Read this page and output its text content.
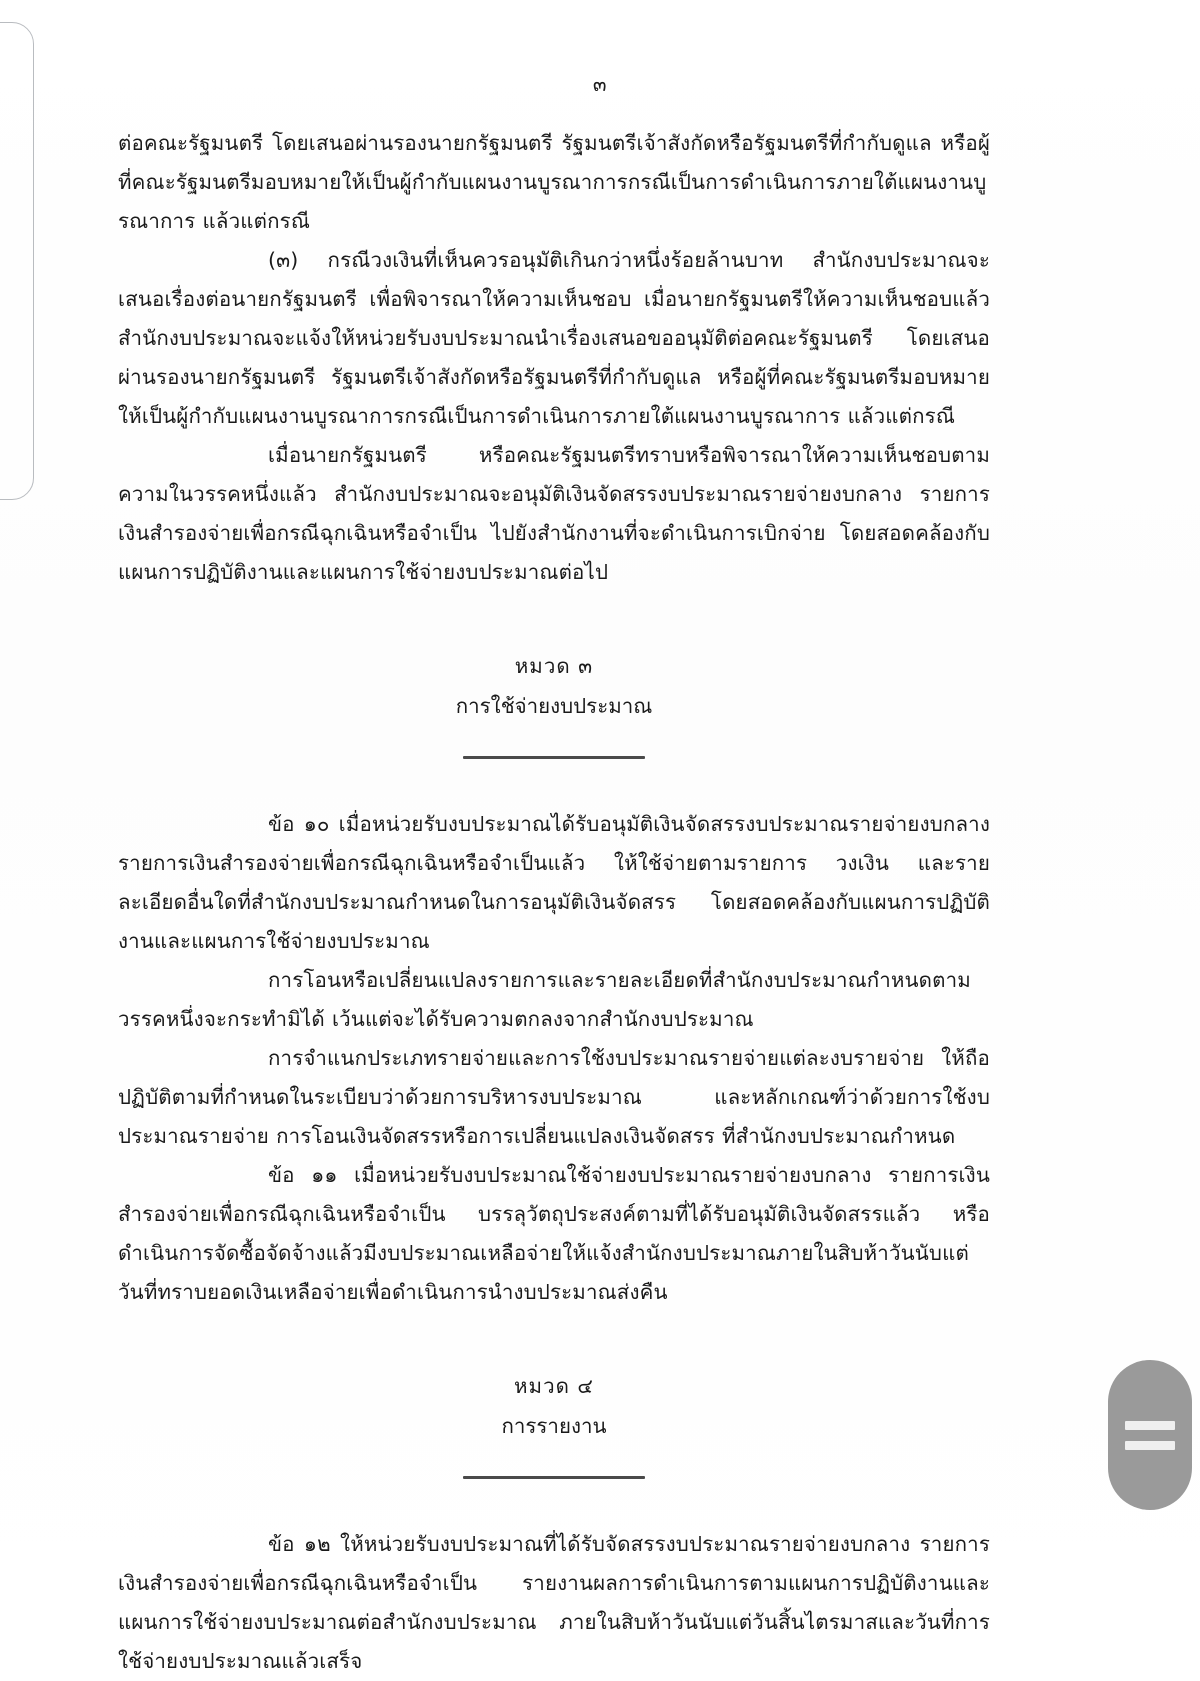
๓

ต่อคณะรัฐมนตรี โดยเสนอผ่านรองนายกรัฐมนตรี รัฐมนตรีเจ้าสังกัดหรือรัฐมนตรีที่กำกับดูแล หรือผู้ที่คณะรัฐมนตรีมอบหมายให้เป็นผู้กำกับแผนงานบูรณาการกรณีเป็นการดำเนินการภายใต้แผนงานบูรณาการ แล้วแต่กรณี

(๓) กรณีวงเงินที่เห็นควรอนุมัติเกินกว่าหนึ่งร้อยล้านบาท สำนักงบประมาณจะเสนอเรื่องต่อนายกรัฐมนตรี เพื่อพิจารณาให้ความเห็นชอบ เมื่อนายกรัฐมนตรีให้ความเห็นชอบแล้ว สำนักงบประมาณจะแจ้งให้หน่วยรับงบประมาณนำเรื่องเสนอขออนุมัติต่อคณะรัฐมนตรี โดยเสนอผ่านรองนายกรัฐมนตรี รัฐมนตรีเจ้าสังกัดหรือรัฐมนตรีที่กำกับดูแล หรือผู้ที่คณะรัฐมนตรีมอบหมายให้เป็นผู้กำกับแผนงานบูรณาการกรณีเป็นการดำเนินการภายใต้แผนงานบูรณาการ แล้วแต่กรณี

เมื่อนายกรัฐมนตรี หรือคณะรัฐมนตรีทราบหรือพิจารณาให้ความเห็นชอบตามความในวรรคหนึ่งแล้ว สำนักงบประมาณจะอนุมัติเงินจัดสรรงบประมาณรายจ่ายงบกลาง รายการเงินสำรองจ่ายเพื่อกรณีฉุกเฉินหรือจำเป็น ไปยังสำนักงานที่จะดำเนินการเบิกจ่าย โดยสอดคล้องกับแผนการปฏิบัติงานและแผนการใช้จ่ายงบประมาณต่อไป

หมวด ๓
การใช้จ่ายงบประมาณ

ข้อ ๑๐ เมื่อหน่วยรับงบประมาณได้รับอนุมัติเงินจัดสรรงบประมาณรายจ่ายงบกลางรายการเงินสำรองจ่ายเพื่อกรณีฉุกเฉินหรือจำเป็นแล้ว ให้ใช้จ่ายตามรายการ วงเงิน และรายละเอียดอื่นใดที่สำนักงบประมาณกำหนดในการอนุมัติเงินจัดสรร โดยสอดคล้องกับแผนการปฏิบัติงานและแผนการใช้จ่ายงบประมาณ

การโอนหรือเปลี่ยนแปลงรายการและรายละเอียดที่สำนักงบประมาณกำหนดตามวรรคหนึ่งจะกระทำมิได้ เว้นแต่จะได้รับความตกลงจากสำนักงบประมาณ

การจำแนกประเภทรายจ่ายและการใช้งบประมาณรายจ่ายแต่ละงบรายจ่าย ให้ถือปฏิบัติตามที่กำหนดในระเบียบว่าด้วยการบริหารงบประมาณ และหลักเกณฑ์ว่าด้วยการใช้งบประมาณรายจ่าย การโอนเงินจัดสรรหรือการเปลี่ยนแปลงเงินจัดสรร ที่สำนักงบประมาณกำหนด

ข้อ ๑๑ เมื่อหน่วยรับงบประมาณใช้จ่ายงบประมาณรายจ่ายงบกลาง รายการเงินสำรองจ่ายเพื่อกรณีฉุกเฉินหรือจำเป็น บรรลุวัตถุประสงค์ตามที่ได้รับอนุมัติเงินจัดสรรแล้ว หรือดำเนินการจัดซื้อจัดจ้างแล้วมีงบประมาณเหลือจ่ายให้แจ้งสำนักงบประมาณภายในสิบห้าวันนับแต่วันที่ทราบยอดเงินเหลือจ่ายเพื่อดำเนินการนำงบประมาณส่งคืน

หมวด ๔
การรายงาน

ข้อ ๑๒ ให้หน่วยรับงบประมาณที่ได้รับจัดสรรงบประมาณรายจ่ายงบกลาง รายการเงินสำรองจ่ายเพื่อกรณีฉุกเฉินหรือจำเป็น รายงานผลการดำเนินการตามแผนการปฏิบัติงานและแผนการใช้จ่ายงบประมาณต่อสำนักงบประมาณ ภายในสิบห้าวันนับแต่วันสิ้นไตรมาสและวันที่การใช้จ่ายงบประมาณแล้วเสร็จ
